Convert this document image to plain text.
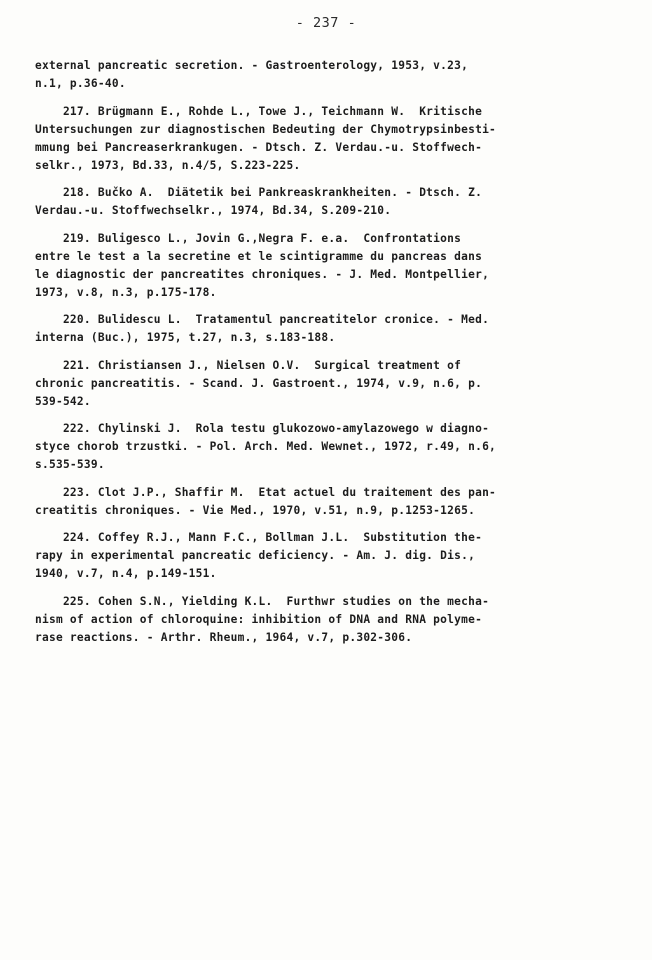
- 237 -
external pancreatic secretion. - Gastroenterology, 1953, v.23,
n.1, p.36-40.
217. Brügmann E., Rohde L., Towe J., Teichmann W.  Kritische
Untersuchungen zur diagnostischen Bedeuting der Chymotrypsinbesti-
mmung bei Pancreaserkrankugen. - Dtsch. Z. Verdau.-u. Stoffwech-
selkr., 1973, Bd.33, n.4/5, S.223-225.
218. Bučko A.  Diätetik bei Pankreaskrankheiten. - Dtsch. Z.
Verdau.-u. Stoffwechselkr., 1974, Bd.34, S.209-210.
219. Buligesco L., Jovin G.,Negra F. e.a.  Confrontations
entre le test a la secretine et le scintigramme du pancreas dans
le diagnostic der pancreatites chroniques. - J. Med. Montpellier,
1973, v.8, n.3, p.175-178.
220. Bulidescu L.  Tratamentul pancreatitelor cronice. - Med.
interna (Buc.), 1975, t.27, n.3, s.183-188.
221. Christiansen J., Nielsen O.V.  Surgical treatment of
chronic pancreatitis. - Scand. J. Gastroent., 1974, v.9, n.6, p.
539-542.
222. Chylinski J.  Rola testu glukozowo-amylazowego w diagno-
styce chorob trzustki. - Pol. Arch. Med. Wewnet., 1972, r.49, n.6,
s.535-539.
223. Clot J.P., Shaffir M.  Etat actuel du traitement des pan-
creatitis chroniques. - Vie Med., 1970, v.51, n.9, p.1253-1265.
224. Coffey R.J., Mann F.C., Bollman J.L.  Substitution the-
rapy in experimental pancreatic deficiency. - Am. J. dig. Dis.,
1940, v.7, n.4, p.149-151.
225. Cohen S.N., Yielding K.L.  Furthwr studies on the mecha-
nism of action of chloroquine: inhibition of DNA and RNA polyme-
rase reactions. - Arthr. Rheum., 1964, v.7, p.302-306.
